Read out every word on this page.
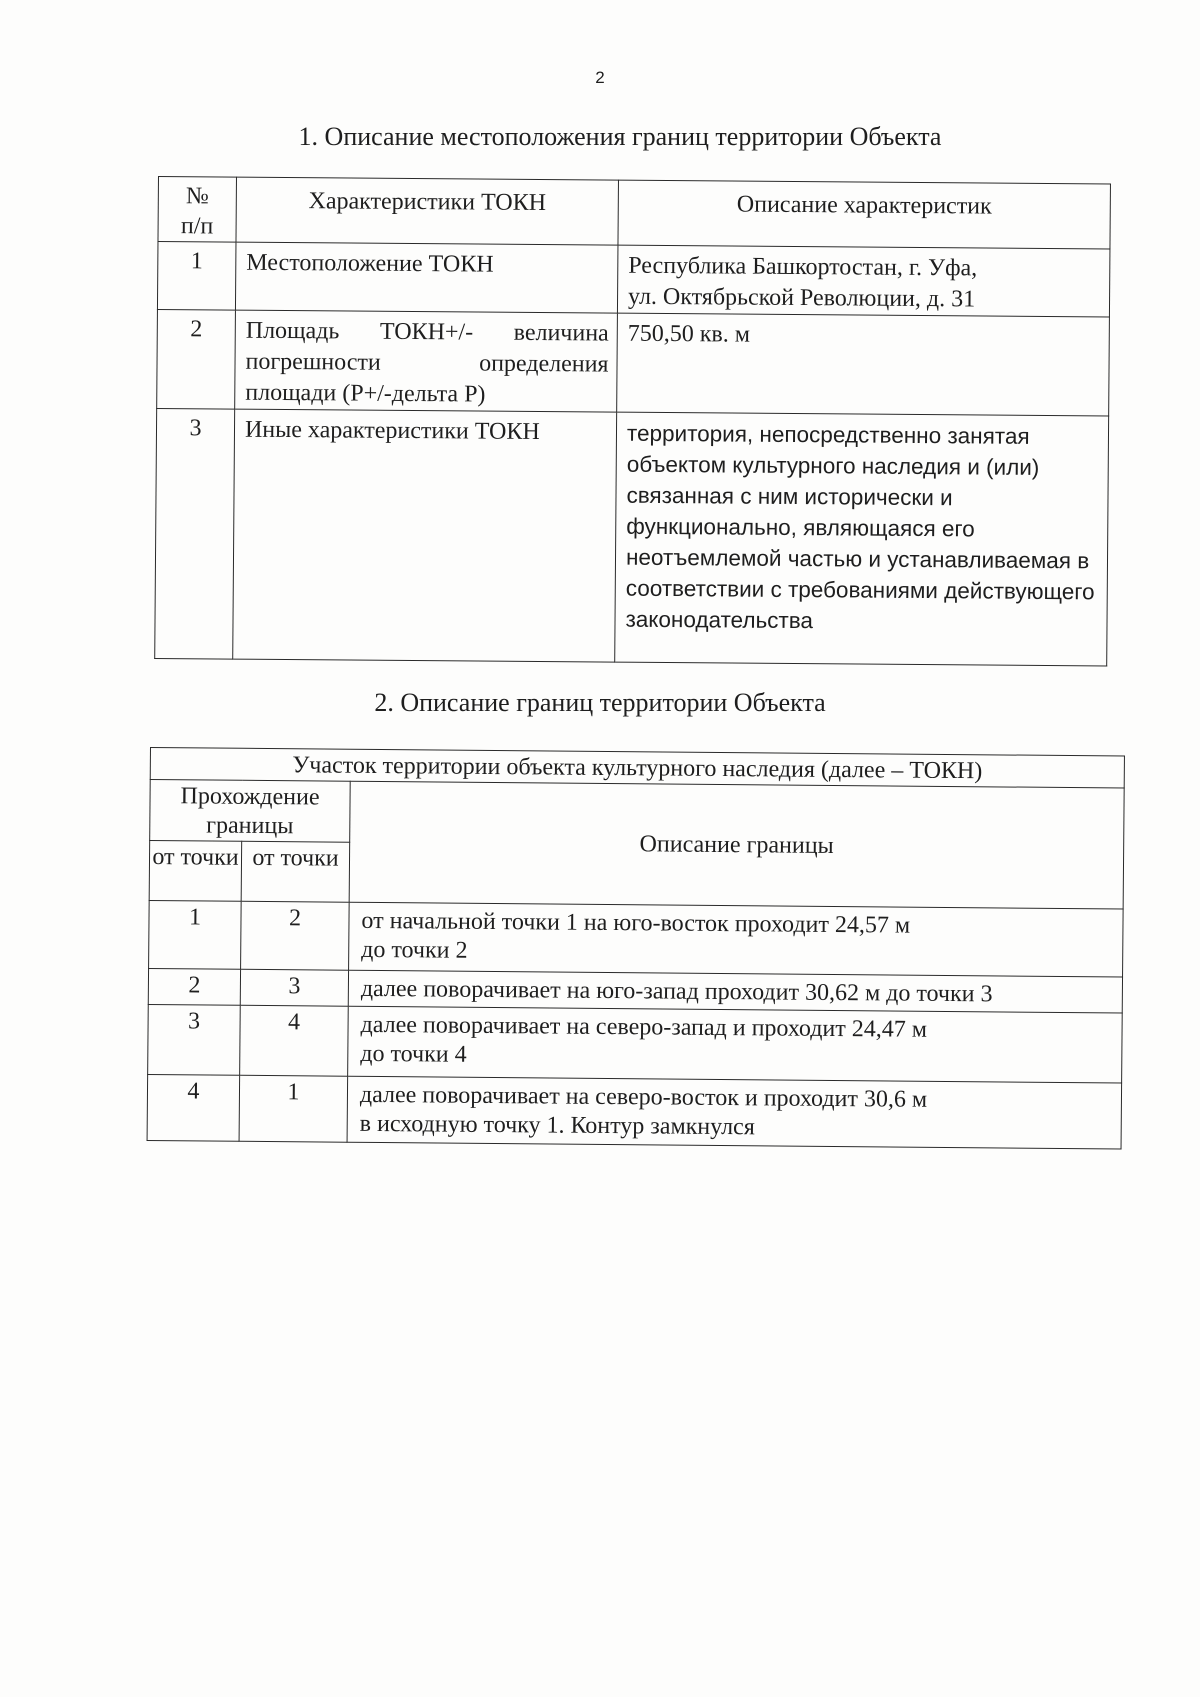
2
1. Описание местоположения границ территории Объекта
№
п/п	Характеристики ТОКН	Описание характеристик
1	Местоположение ТОКН	Республика Башкортостан, г. Уфа,
ул. Октябрьской Революции, д. 31
2	Площадь ТОКН+/- величина погрешности определения площади (Р+/-дельта Р)	750,50 кв. м
3	Иные характеристики ТОКН	территория, непосредственно занятая объектом культурного наследия и (или) связанная с ним исторически и функционально, являющаяся его неотъемлемой частью и устанавливаемая в соответствии с требованиями действующего законодательства
2. Описание границ территории Объекта
Участок территории объекта культурного наследия (далее – ТОКН)		
Прохождение границы		Описание границы
от точки	от точки	
1	2	от начальной точки 1 на юго-восток проходит 24,57 м
до точки 2
2	3	далее поворачивает на юго-запад проходит 30,62 м до точки 3
3	4	далее поворачивает на северо-запад и проходит 24,47 м
до точки 4
4	1	далее поворачивает на северо-восток и проходит 30,6 м
в исходную точку 1. Контур замкнулся
